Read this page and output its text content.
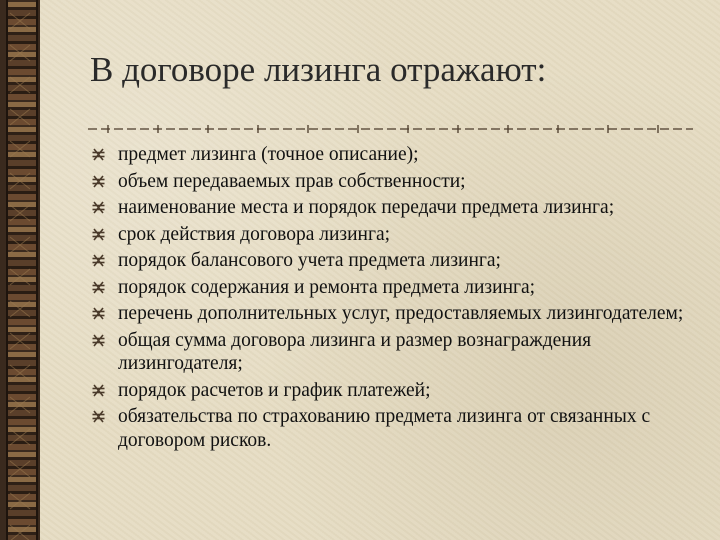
В договоре лизинга отражают:
предмет лизинга (точное описание);
объем передаваемых прав собственности;
наименование места и порядок передачи предмета лизинга;
срок действия договора лизинга;
порядок балансового учета предмета лизинга;
порядок содержания и ремонта предмета лизинга;
перечень дополнительных услуг, предоставляемых лизингодателем;
общая сумма договора лизинга и размер вознаграждения лизингодателя;
порядок расчетов и график платежей;
обязательства по страхованию предмета лизинга от связанных с договором рисков.
